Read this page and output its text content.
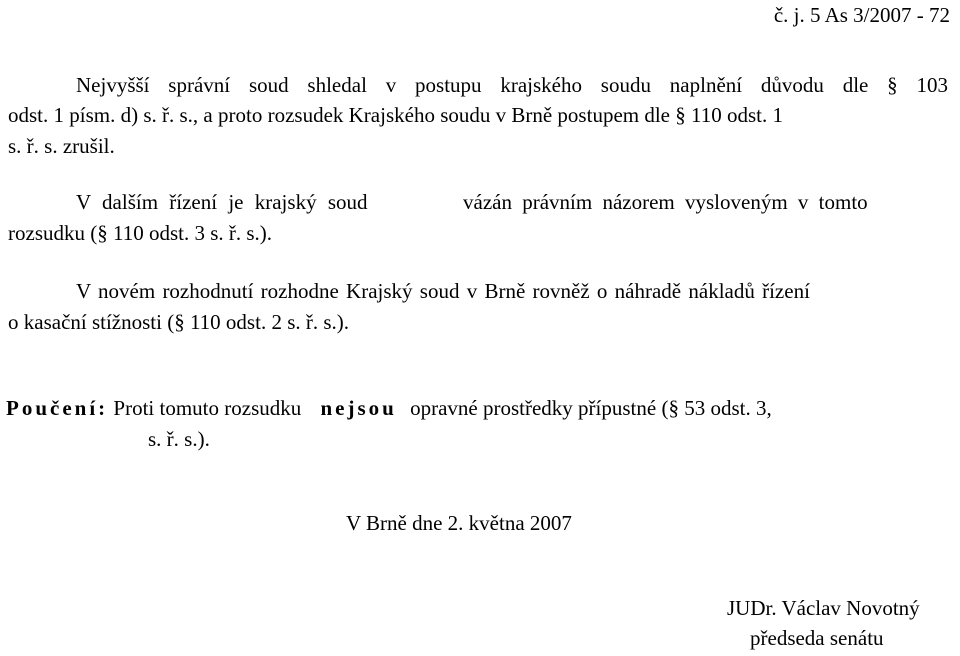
č. j. 5 As 3/2007 - 72
Nejvyšší správní soud shledal v postupu krajského soudu naplnění důvodu dle § 103
odst. 1 písm. d) s. ř. s., a proto rozsudek Krajského soudu v Brně postupem dle § 110 odst. 1
s. ř. s. zrušil.
V dalším řízení je krajský soud	vázán právním názorem vysloveným v tomto
rozsudku (§ 110 odst. 3 s. ř. s.).
V novém rozhodnutí rozhodne Krajský soud v Brně rovněž o náhradě nákladů řízení
o kasační stížnosti (§ 110 odst. 2 s. ř. s.).
Poučení: Proti tomuto rozsudku nejsou opravné prostředky přípustné (§ 53 odst. 3,
s. ř. s.).
V Brně dne 2. května 2007
JUDr. Václav Novotný
předseda senátu
